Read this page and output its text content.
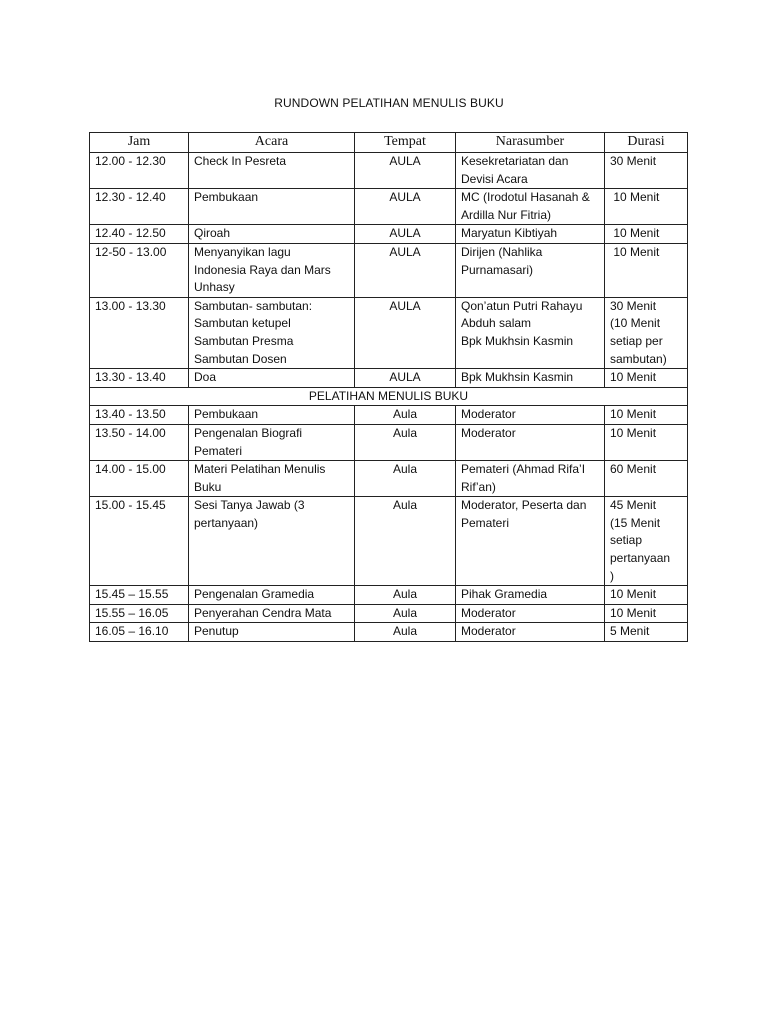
RUNDOWN PELATIHAN MENULIS BUKU
Jam	Acara	Tempat	Narasumber	Durasi
12.00 - 12.30	Check In Pesreta	AULA	Kesekretariatan dan
Devisi Acara	30 Menit

12.30 - 12.40	Pembukaan	AULA	MC (Irodotul Hasanah &
Ardilla Nur Fitria)	10 Menit

12.40 - 12.50	Qiroah	AULA	Maryatun Kibtiyah	10 Menit

12-50 - 13.00	Menyanyikan lagu
Indonesia Raya dan Mars
Unhasy	AULA	Dirijen (Nahlika
Purnamasari)	10 Menit

13.00 - 13.30	Sambutan- sambutan:
Sambutan ketupel
Sambutan Presma
Sambutan Dosen	AULA	Qon’atun Putri Rahayu
Abduh salam
Bpk Mukhsin Kasmin	30 Menit
(10 Menit
setiap per
sambutan)

13.30 - 13.40	Doa	AULA	Bpk Mukhsin Kasmin	10 Menit

PELATIHAN MENULIS BUKU				
13.40 - 13.50	Pembukaan	Aula	Moderator	10 Menit

13.50 - 14.00	Pengenalan Biografi
Pemateri	Aula	Moderator	10 Menit

14.00 - 15.00	Materi Pelatihan Menulis
Buku	Aula	Pemateri (Ahmad Rifa’I
Rif’an)	60 Menit

15.00 - 15.45	Sesi Tanya Jawab (3
pertanyaan)	Aula	Moderator, Peserta dan
Pemateri	45 Menit
(15 Menit
setiap
pertanyaan
)

15.45 – 15.55	Pengenalan Gramedia	Aula	Pihak Gramedia	10 Menit

15.55 – 16.05	Penyerahan Cendra Mata	Aula	Moderator	10 Menit

16.05 – 16.10	Penutup	Aula	Moderator	5 Menit
